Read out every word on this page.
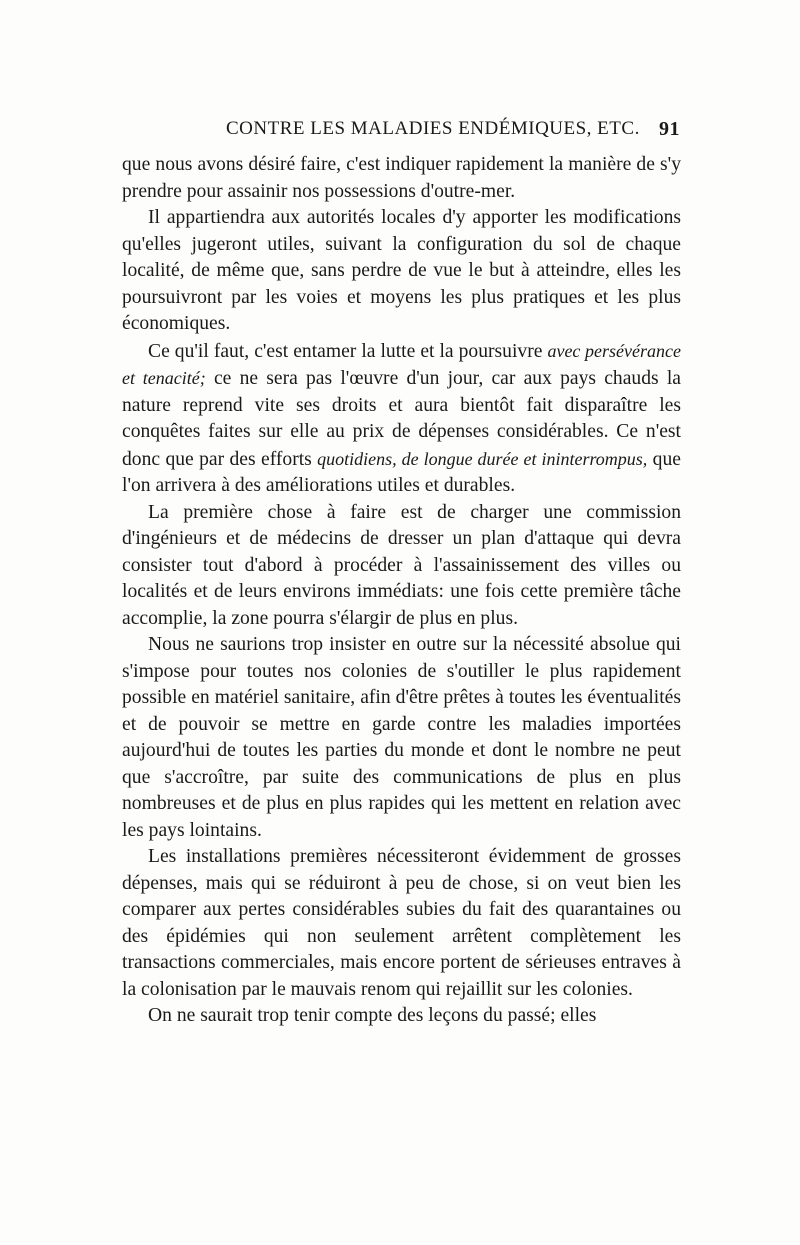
CONTRE LES MALADIES ENDÉMIQUES, ETC. 91

que nous avons désiré faire, c'est indiquer rapidement la manière de s'y prendre pour assainir nos possessions d'outre-mer.

Il appartiendra aux autorités locales d'y apporter les modifications qu'elles jugeront utiles, suivant la configuration du sol de chaque localité, de même que, sans perdre de vue le but à atteindre, elles les poursuivront par les voies et moyens les plus pratiques et les plus économiques.

Ce qu'il faut, c'est entamer la lutte et la poursuivre avec persévérance et tenacité; ce ne sera pas l'œuvre d'un jour, car aux pays chauds la nature reprend vite ses droits et aura bientôt fait disparaître les conquêtes faites sur elle au prix de dépenses considérables. Ce n'est donc que par des efforts quotidiens, de longue durée et ininterrompus, que l'on arrivera à des améliorations utiles et durables.

La première chose à faire est de charger une commission d'ingénieurs et de médecins de dresser un plan d'attaque qui devra consister tout d'abord à procéder à l'assainissement des villes ou localités et de leurs environs immédiats: une fois cette première tâche accomplie, la zone pourra s'élargir de plus en plus.

Nous ne saurions trop insister en outre sur la nécessité absolue qui s'impose pour toutes nos colonies de s'outiller le plus rapidement possible en matériel sanitaire, afin d'être prêtes à toutes les éventualités et de pouvoir se mettre en garde contre les maladies importées aujourd'hui de toutes les parties du monde et dont le nombre ne peut que s'accroître, par suite des communications de plus en plus nombreuses et de plus en plus rapides qui les mettent en relation avec les pays lointains.

Les installations premières nécessiteront évidemment de grosses dépenses, mais qui se réduiront à peu de chose, si on veut bien les comparer aux pertes considérables subies du fait des quarantaines ou des épidémies qui non seulement arrêtent complètement les transactions commerciales, mais encore portent de sérieuses entraves à la colonisation par le mauvais renom qui rejaillit sur les colonies.

On ne saurait trop tenir compte des leçons du passé; elles
